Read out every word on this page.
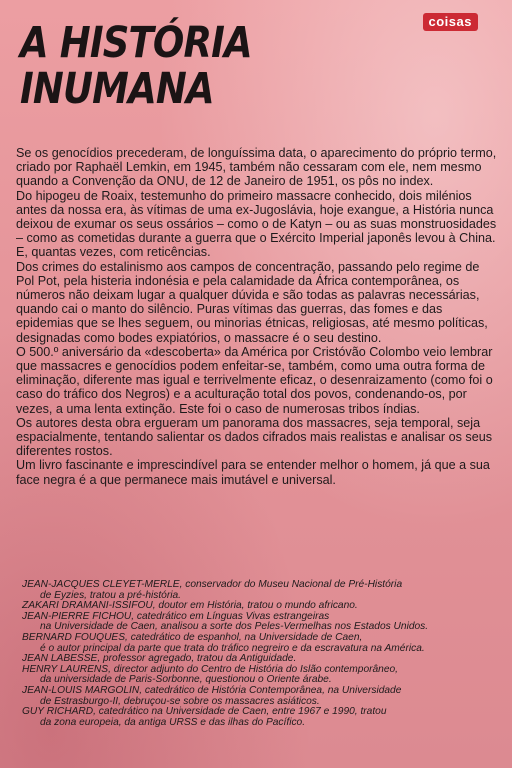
coisas
A HISTÓRIA
INUMANA

Se os genocídios precederam, de longuíssima data, o aparecimento do próprio termo, criado por Raphaël Lemkin, em 1945, também não cessaram com ele, nem mesmo quando a Convenção da ONU, de 12 de Janeiro de 1951, os pôs no index.

Do hipogeu de Roaix, testemunho do primeiro massacre conhecido, dois milénios antes da nossa era, às vítimas de uma ex-Jugoslávia, hoje exangue, a História nunca deixou de exumar os seus ossários – como o de Katyn – ou as suas monstruosidades – como as cometidas durante a guerra que o Exército Imperial japonês levou à China.

E, quantas vezes, com reticências.

Dos crimes do estalinismo aos campos de concentração, passando pelo regime de Pol Pot, pela histeria indonésia e pela calamidade da África contemporânea, os números não deixam lugar a qualquer dúvida e são todas as palavras necessárias, quando cai o manto do silêncio. Puras vítimas das guerras, das fomes e das epidemias que se lhes seguem, ou minorias étnicas, religiosas, até mesmo políticas, designadas como bodes expiatórios, o massacre é o seu destino.

O 500.º aniversário da «descoberta» da América por Cristóvão Colombo veio lembrar que massacres e genocídios podem enfeitar-se, também, como uma outra forma de eliminação, diferente mas igual e terrivelmente eficaz, o desenraizamento (como foi o caso do tráfico dos Negros) e a aculturação total dos povos, condenando-os, por vezes, a uma lenta extinção. Este foi o caso de numerosas tribos índias.

Os autores desta obra ergueram um panorama dos massacres, seja temporal, seja espacialmente, tentando salientar os dados cifrados mais realistas e analisar os seus diferentes rostos.

Um livro fascinante e imprescindível para se entender melhor o homem, já que a sua face negra é a que permanece mais imutável e universal.

JEAN-JACQUES CLEYET-MERLE, conservador do Museu Nacional de Pré-História
de Eyzies, tratou a pré-história.

ZAKARI DRAMANI-ISSIFOU, doutor em História, tratou o mundo africano.

JEAN-PIERRE FICHOU, catedrático em Línguas Vivas estrangeiras
na Universidade de Caen, analisou a sorte dos Peles-Vermelhas nos Estados Unidos.

BERNARD FOUQUES, catedrático de espanhol, na Universidade de Caen,
é o autor principal da parte que trata do tráfico negreiro e da escravatura na América.

JEAN LABESSE, professor agregado, tratou da Antiguidade.

HENRY LAURENS, director adjunto do Centro de História do Islão contemporâneo,
da universidade de Paris-Sorbonne, questionou o Oriente árabe.

JEAN-LOUIS MARGOLIN, catedrático de História Contemporânea, na Universidade
de Estrasburgo-II, debruçou-se sobre os massacres asiáticos.

GUY RICHARD, catedrático na Universidade de Caen, entre 1967 e 1990, tratou
da zona europeia, da antiga URSS e das ilhas do Pacífico.
